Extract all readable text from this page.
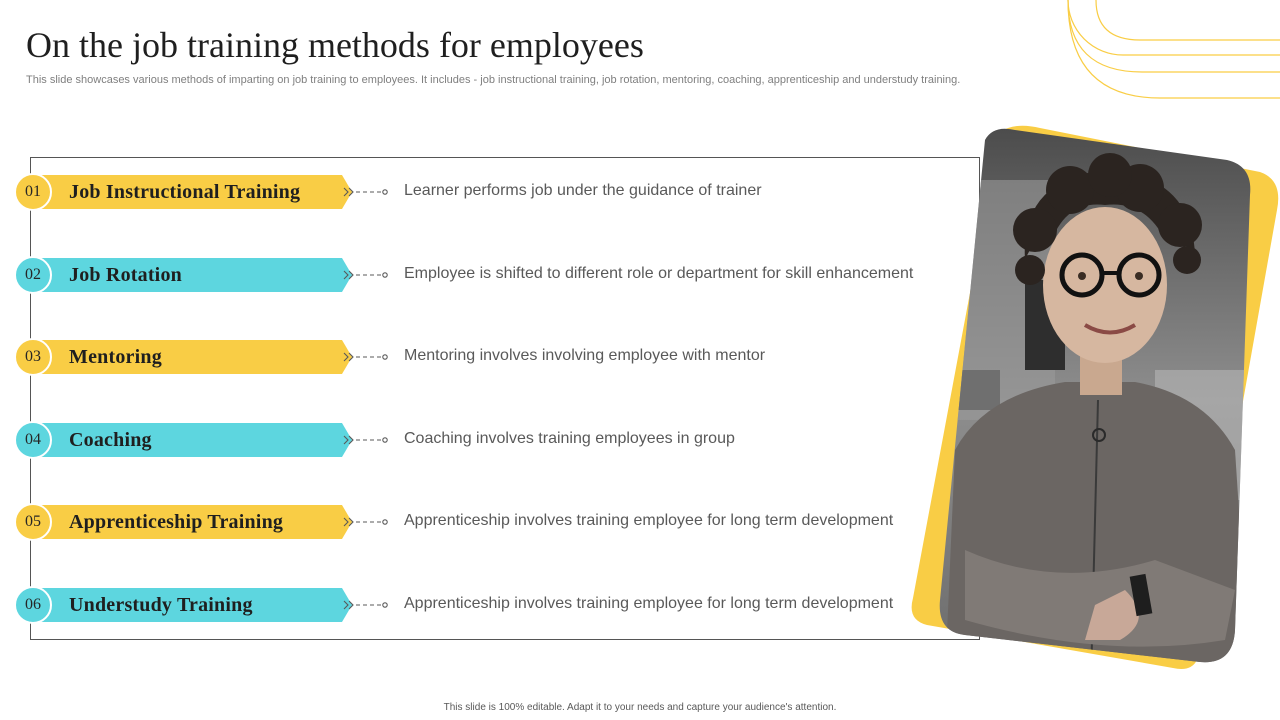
On the job training methods for employees
This slide showcases various methods of imparting on job training to employees. It includes - job instructional training, job rotation, mentoring, coaching, apprenticeship and understudy training.
01	Job Instructional Training	Learner performs job under the guidance of trainer
02	Job Rotation	Employee is shifted to different role or department for skill enhancement
03	Mentoring	Mentoring involves involving employee with mentor
04	Coaching	Coaching involves training employees in group
05	Apprenticeship Training	Apprenticeship involves training employee for long term development
06	Understudy Training	Apprenticeship involves training employee for long term development
This slide is 100% editable. Adapt it to your needs and capture your audience's attention.
